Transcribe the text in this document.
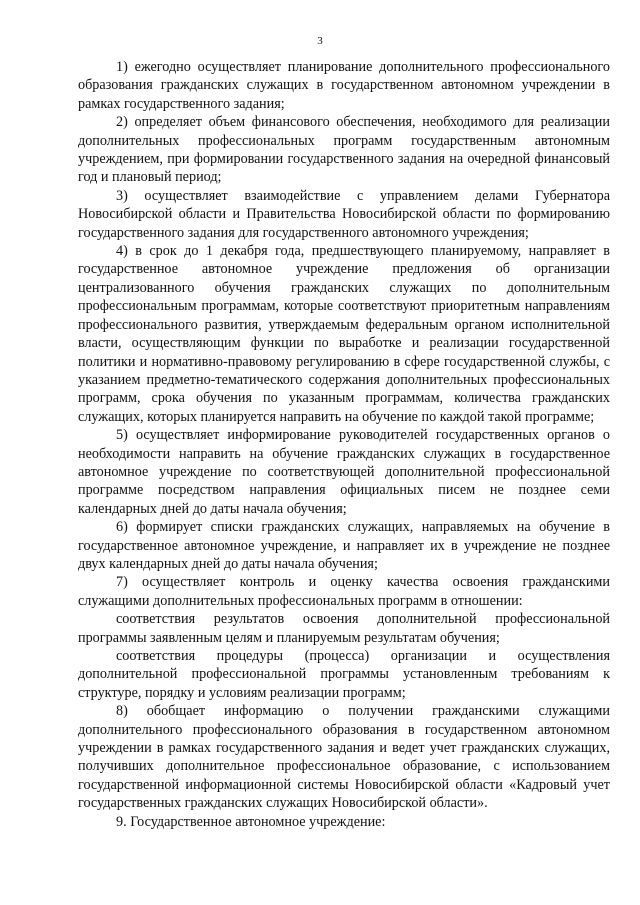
3

1) ежегодно осуществляет планирование дополнительного профессионального образования гражданских служащих в государственном автономном учреждении в рамках государственного задания;

2) определяет объем финансового обеспечения, необходимого для реализации дополнительных профессиональных программ государственным автономным учреждением, при формировании государственного задания на очередной финансовый год и плановый период;

3) осуществляет взаимодействие с управлением делами Губернатора Новосибирской области и Правительства Новосибирской области по формированию государственного задания для государственного автономного учреждения;

4) в срок до 1 декабря года, предшествующего планируемому, направляет в государственное автономное учреждение предложения об организации централизованного обучения гражданских служащих по дополнительным профессиональным программам, которые соответствуют приоритетным направлениям профессионального развития, утверждаемым федеральным органом исполнительной власти, осуществляющим функции по выработке и реализации государственной политики и нормативно-правовому регулированию в сфере государственной службы, с указанием предметно-тематического содержания дополнительных профессиональных программ, срока обучения по указанным программам, количества гражданских служащих, которых планируется направить на обучение по каждой такой программе;

5) осуществляет информирование руководителей государственных органов о необходимости направить на обучение гражданских служащих в государственное автономное учреждение по соответствующей дополнительной профессиональной программе посредством направления официальных писем не позднее семи календарных дней до даты начала обучения;

6) формирует списки гражданских служащих, направляемых на обучение в государственное автономное учреждение, и направляет их в учреждение не позднее двух календарных дней до даты начала обучения;

7) осуществляет контроль и оценку качества освоения гражданскими служащими дополнительных профессиональных программ в отношении:

соответствия результатов освоения дополнительной профессиональной программы заявленным целям и планируемым результатам обучения;

соответствия процедуры (процесса) организации и осуществления дополнительной профессиональной программы установленным требованиям к структуре, порядку и условиям реализации программ;

8) обобщает информацию о получении гражданскими служащими дополнительного профессионального образования в государственном автономном учреждении в рамках государственного задания и ведет учет гражданских служащих, получивших дополнительное профессиональное образование, с использованием государственной информационной системы Новосибирской области «Кадровый учет государственных гражданских служащих Новосибирской области».

9. Государственное автономное учреждение:
